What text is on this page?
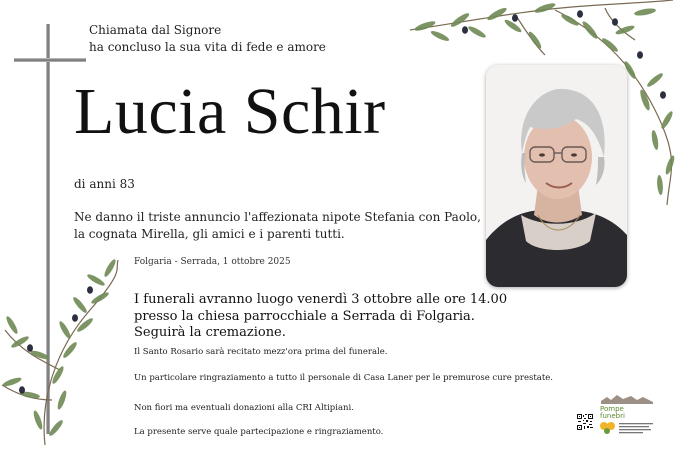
Chiamata dal Signore
ha concluso la sua vita di fede e amore
Lucia Schir
di anni 83
Ne danno il triste annuncio l'affezionata nipote Stefania con Paolo,
la cognata Mirella, gli amici e i parenti tutti.
Folgaria - Serrada, 1 ottobre 2025
I funerali avranno luogo venerdì 3 ottobre alle ore 14.00
presso la chiesa parrocchiale a Serrada di Folgaria.
Seguirà la cremazione.
Il Santo Rosario sarà recitato mezz'ora prima del funerale.
Un particolare ringraziamento a tutto il personale di Casa Laner per le premurose cure prestate.
Non fiori ma eventuali donazioni alla CRI Altipiani.
La presente serve quale partecipazione e ringraziamento.
Pompe
funebri
